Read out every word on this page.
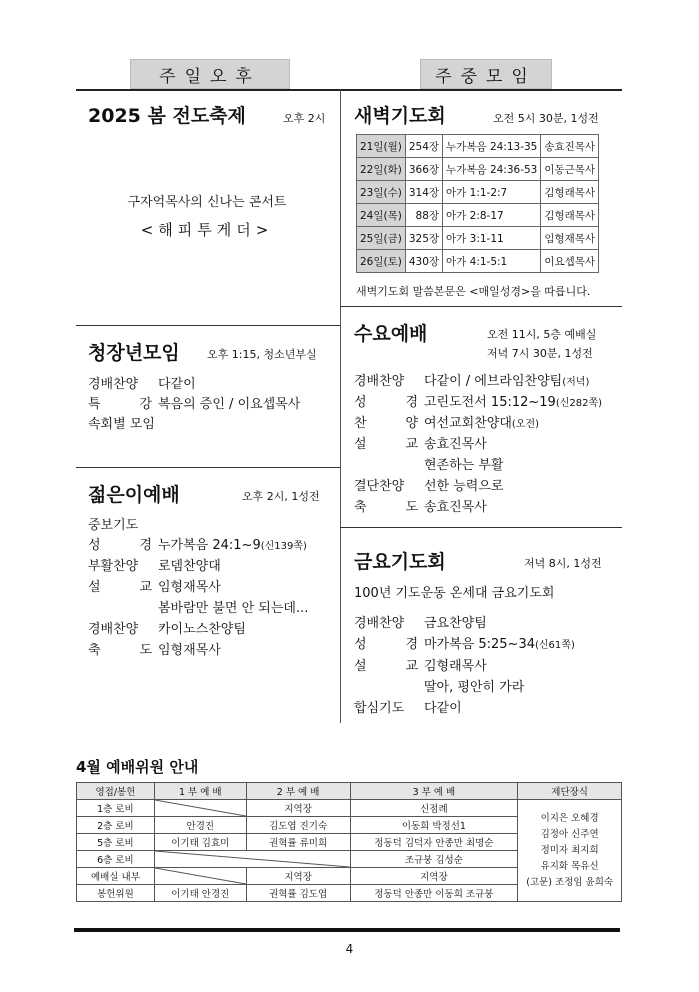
주일오후	주중모임
2025 봄 전도축제	오후 2시
구자억목사의 신나는 콘서트
<해피투게더>
청장년모임 오후 1:15, 청소년부실
경배찬양	다같이
특 강 복음의 증인 / 이요셉목사
속회별 모임
젊은이예배	오후 2시, 1성전
중보기도
성 경 누가복음 24:1~9 (신139쪽)
부활찬양	로뎀찬양대
설 교 임형재목사
봄바람만 불면 안 되는데...
경배찬양	카이노스찬양팀
축 도 임형재목사
새벽기도회	오전 5시 30분, 1성전
21일(월)	254장	누가복음 24:13-35	송효진목사
22일(화)	366장	누가복음 24:36-53	이동근목사
23일(수)	314장	아가 1:1-2:7	김형래목사
24일(목)	88장	아가 2:8-17	김형래목사
25일(금)	325장	아가 3:1-11	임형재목사
26일(토)	430장	아가 4:1-5:1	이요셉목사
새벽기도회 말씀본문은 <매일성경>을 따릅니다.
수요예배	오전 11시, 5층 예배실
저녁 7시 30분, 1성전
경배찬양	다같이 / 에브라임찬양팀 (저녁)
성 경 고린도전서 15:12~19 (신282쪽)
찬 양 여선교회찬양대 (오전)
설 교 송효진목사
현존하는 부활
결단찬양	선한 능력으로
축 도 송효진목사
금요기도회	저녁 8시, 1성전
100년 기도운동 온세대 금요기도회
경배찬양	금요찬양팀
성 경 마가복음 5:25~34 (신61쪽)
설 교 김형래목사
딸아, 평안히 가라
합심기도	다같이
4월 예배위원 안내
영접/봉헌	1 부 예 배	2 부 예 배	3 부 예 배	제단장식
1층 로비		지역장	신점례	이지은 오혜경
김정아 신주연
정미자 최지희
유지화 목유신
(고문) 조정임 윤희숙

2층 로비	안경진	김도엽 진기숙	이동희 박정선1	
5층 로비	이기태 김효미	권혁률 류미희	정동덕 김덕자 안종만 최명순	
6층 로비			조규붕 김성순	
예배실 내부		지역장	지역장	
봉헌위원	이기태 안경진	권혁률 김도엽	정동덕 안종만 이동희 조규붕	
4
